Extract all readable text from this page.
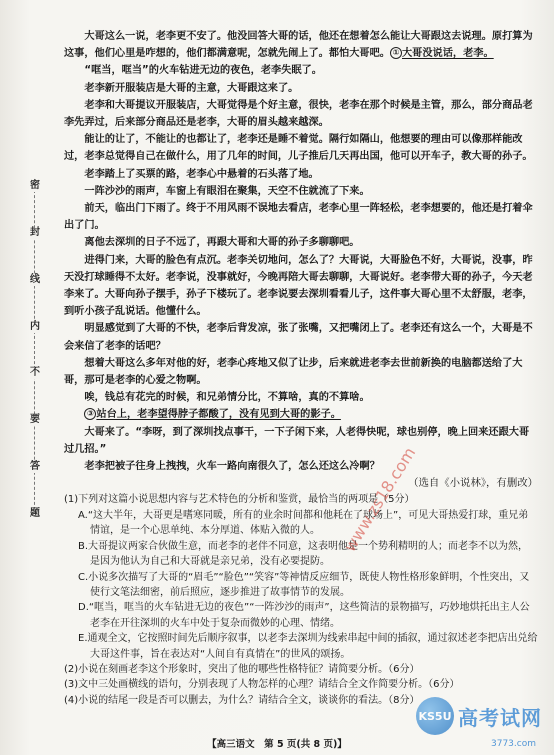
密
封
线
内
不
要
答
题

大哥这么一说，老李更不安了。他没回答大哥的话，他还在想着怎么能让大哥跟这去说理。原打算为这事，他们心里是咋想的，他们都满意呢，怎就先闹上了。都怕大哥吧。 ① 大哥没说话，老李。

“哐当，哐当”的火车钻进无边的夜色，老李失眠了。

老李新开服装店是大哥的主意，大哥跟这来了。

老李和大哥提议开服装店，大哥觉得是个好主意，很快，老李在那个时候是主管，那么，部分商品老李先弄过，后来部分商品还是老李，大哥的眉头越来越深。

能让的让了，不能让的也都让了，老李还是睡不着觉。隔行如隔山，他想要的理由可以像那样能改过，老李总觉得自己在做什么，用了几年的时间，儿子推后几天再出国，他可以开车子，教大哥的孙子。

老李踏上了买票的路，老李心中悬着的石头落了地。

一阵沙沙的雨声，车窗上有眼泪在聚集，天空不住就流了下来。

前天，临出门下雨了。终于不用风雨不误地去看店，老李心里一阵轻松，老李想要的，他还是打着伞出了门。

离他去深圳的日子不远了，再跟大哥和大哥的孙子多聊聊吧。

进得门来，大哥的脸色有点沉。老李关切地问，怎么了？大哥说，大哥脸色不好，大哥说，没事，昨天没打球睡得不太好。老李说，没事就好，今晚再陪大哥去聊聊，大哥说好。老李带大哥的孙子，今天老李来了。大哥向孙子摆手，孙子下楼玩了。老李说要去深圳看看儿子，这件事大哥心里不太舒服，老李，到听小孩子乱说话。他懂什么。

明显感觉到了大哥的不快，老李后背发凉，张了张嘴，又把嘴闭上了。老李还有这么一个，大哥是不会来信了老李的话吧？

想着大哥这么多年对他的好，老李心疼地又似了让步，后来就进老李去世前新换的电脑都送给了大哥，那可是老李的心爱之物啊。

唉，钱总有花完的时候，和兄弟情分比，不算啥，真的不算啥。

③ 站台上，老李望得脖子都酸了，没有见到大哥的影子。

大哥来了。“李呀，到了深圳找点事干，一下子闲下来，人老得快呢，球也别停，晚上回来还跟大哥过几招。”

老李把被子往身上拽拽，火车一路向南很久了，怎么还这么冷啊？

（选自《小说林》，有删改）

(1)下列对这篇小说思想内容与艺术特色的分析和鉴赏，最恰当的两项是（5分）

A.“这大半年，大哥更是嗜寒同暖，所有的业余时间都和他耗在了球场上”，可见大哥热爱打球，重兄弟情谊，是一个心思单纯、本分厚道、体贴入微的人。

B.大哥提议两家合伙做生意，而老李的老伴不同意，这表明他是一个势利精明的人；而老李不以为然，是因为他认为自己和大哥就是亲兄弟，没有必要提防。

C.小说多次描写了大哥的“眉毛”“脸色”“笑容”等神情反应细节，既使人物性格形象鲜明，个性突出，又使行文笔法细密，前后照应，逐步推进了故事情节的发展。

D.“哐当，哐当的火车钻进无边的夜色”“一阵沙沙的雨声”，这些简洁的景物描写，巧妙地烘托出主人公老李在开往深圳的火车中处于复杂而微妙的心理、情绪。

E.通观全文，它按照时间先后顺序叙事，以老李去深圳为线索串起中间的插叙，通过叙述老李把店出兑给大哥这件事，旨在表达对“人间自有真情在”的世风的颂扬。

(2)小说在刻画老李这个形象时，突出了他的哪些性格特征？请简要分析。（6分）

(3)文中三处画横线的语句，分别表现了人物怎样的心理？请结合全文作简要分析。（6分）

(4)小说的结尾一段是否可以删去，为什么？请结合全文，谈谈你的看法。（8分）

www.zs18.com
KS5U 高考试网
3773.com
【高三语文　第 5 页(共 8 页)】
